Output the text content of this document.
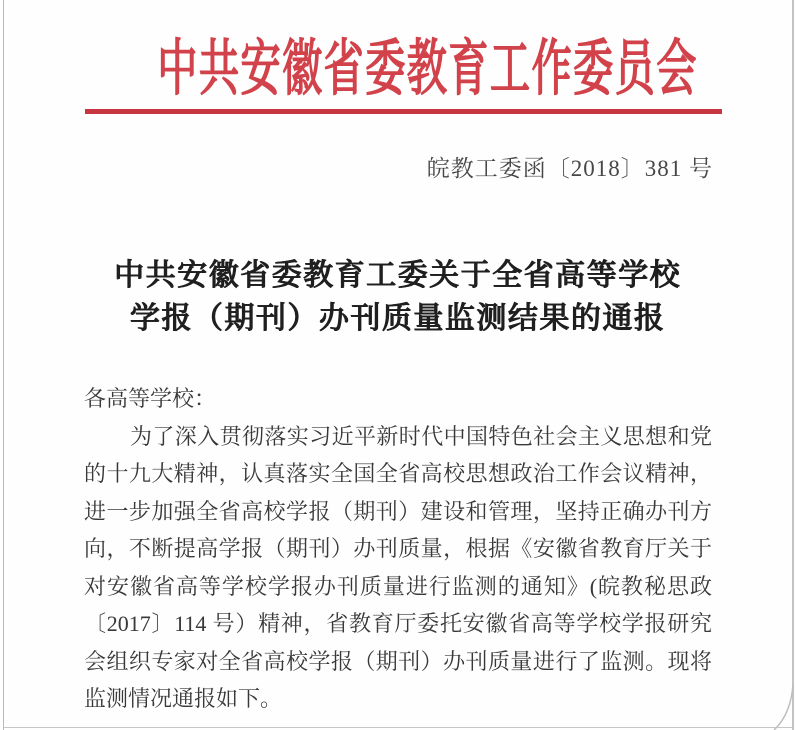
中共安徽省委教育工作委员会
皖教工委函〔2018〕381 号
中共安徽省委教育工委关于全省高等学校
学报（期刊）办刊质量监测结果的通报
各高等学校：
为了深入贯彻落实习近平新时代中国特色社会主义思想和党
的十九大精神，认真落实全国全省高校思想政治工作会议精神，
进一步加强全省高校学报（期刊）建设和管理，坚持正确办刊方
向，不断提高学报（期刊）办刊质量，根据《安徽省教育厅关于
对安徽省高等学校学报办刊质量进行监测的通知》(皖教秘思政
〔2017〕114 号）精神，省教育厅委托安徽省高等学校学报研究
会组织专家对全省高校学报（期刊）办刊质量进行了监测。现将
监测情况通报如下。
